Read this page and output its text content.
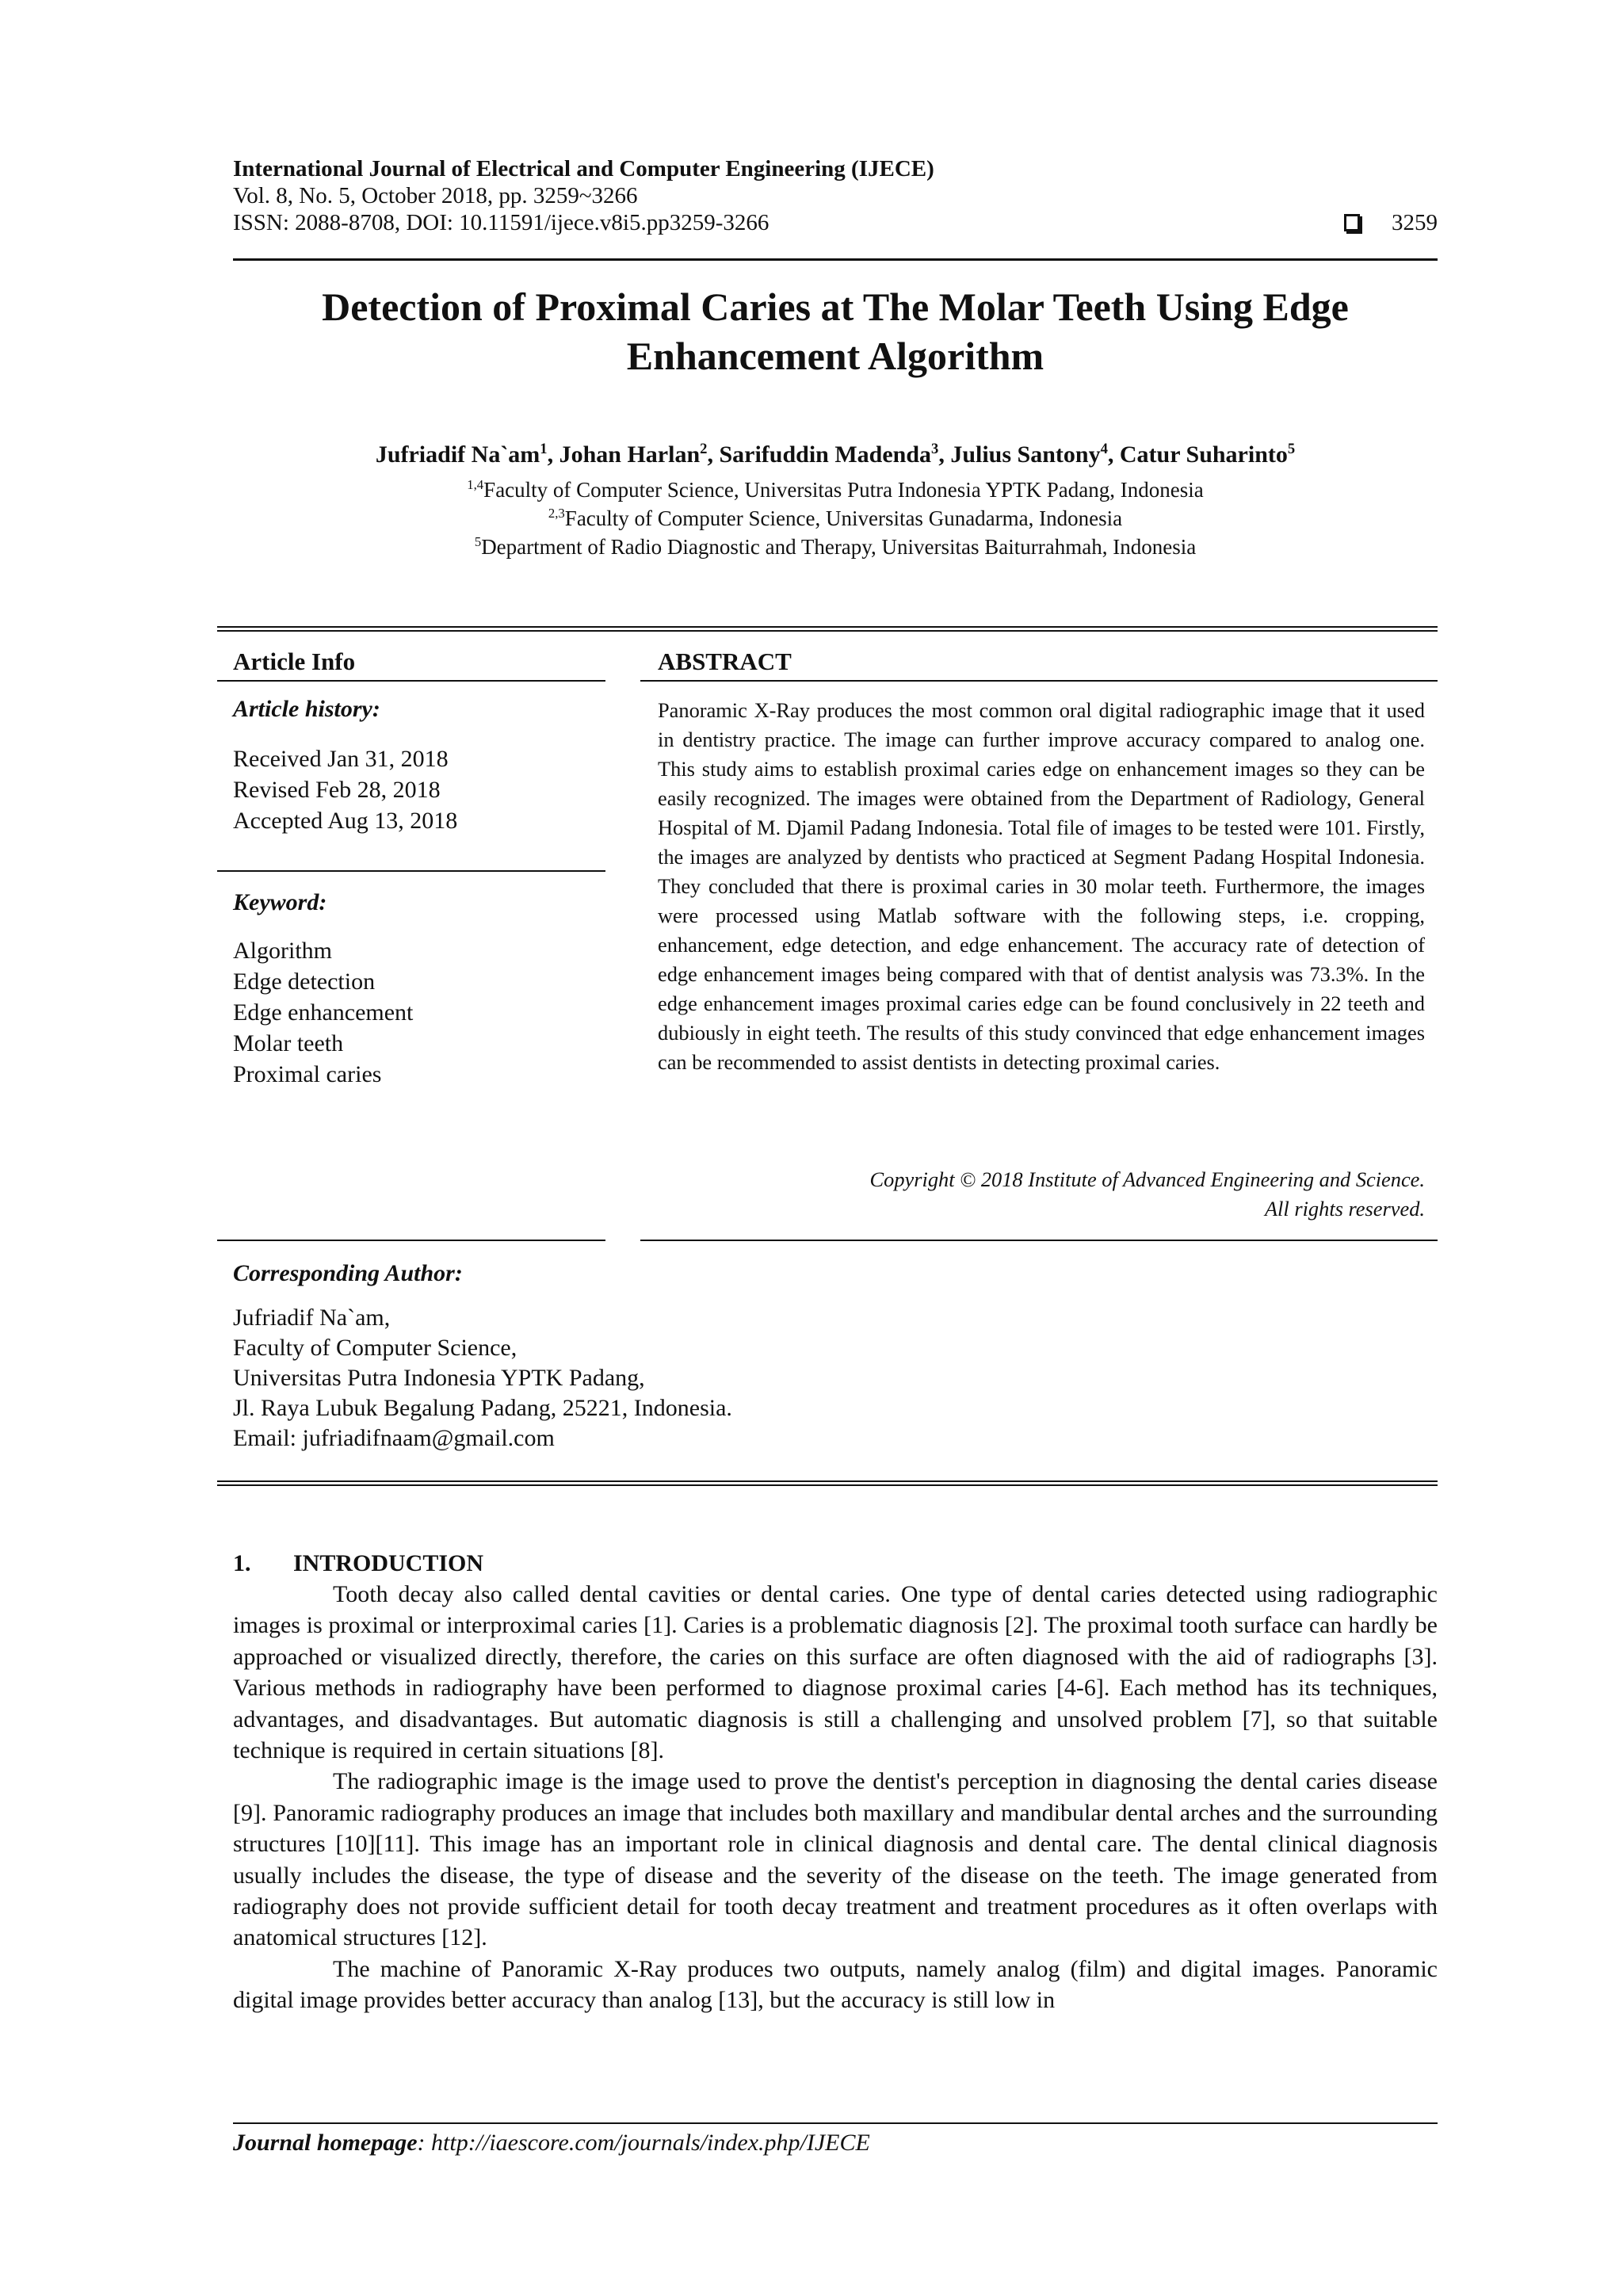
International Journal of Electrical and Computer Engineering (IJECE)
Vol. 8, No. 5, October 2018, pp. 3259~3266
ISSN: 2088-8708, DOI: 10.11591/ijece.v8i5.pp3259-3266	3259
Detection of Proximal Caries at The Molar Teeth Using Edge Enhancement Algorithm
Jufriadif $Na`am^1$, Johan Harlan$^2$, Sarifuddin Madenda$^3$, Julius Santony$^4$, Catur Suharinto$^5$
$^{1,4}$Faculty of Computer Science, Universitas Putra Indonesia YPTK Padang, Indonesia
$^{2,3}$Faculty of Computer Science, Universitas Gunadarma, Indonesia
$^5$Department of Radio Diagnostic and Therapy, Universitas Baiturrahmah, Indonesia
Article Info
Article history:
Received Jan 31, 2018
Revised Feb 28, 2018
Accepted Aug 13, 2018
Keyword:
Algorithm
Edge detection
Edge enhancement
Molar teeth
Proximal caries
ABSTRACT
Panoramic X-Ray produces the most common oral digital radiographic image that it used in dentistry practice. The image can further improve accuracy compared to analog one. This study aims to establish proximal caries edge on enhancement images so they can be easily recognized. The images were obtained from the Department of Radiology, General Hospital of M. Djamil Padang Indonesia. Total file of images to be tested were 101. Firstly, the images are analyzed by dentists who practiced at Segment Padang Hospital Indonesia. They concluded that there is proximal caries in 30 molar teeth. Furthermore, the images were processed using Matlab software with the following steps, i.e. cropping, enhancement, edge detection, and edge enhancement. The accuracy rate of detection of edge enhancement images being compared with that of dentist analysis was 73.3%. In the edge enhancement images proximal caries edge can be found conclusively in 22 teeth and dubiously in eight teeth. The results of this study convinced that edge enhancement images can be recommended to assist dentists in detecting proximal caries.
Copyright © 2018 Institute of Advanced Engineering and Science.
All rights reserved.
Corresponding Author:
Jufriadif Na`am,
Faculty of Computer Science,
Universitas Putra Indonesia YPTK Padang,
Jl. Raya Lubuk Begalung Padang, 25221, Indonesia.
Email: jufriadifnaam@gmail.com
1. INTRODUCTION

Tooth decay also called dental cavities or dental caries. One type of dental caries detected using radiographic images is proximal or interproximal caries [1]. Caries is a problematic diagnosis [2]. The proximal tooth surface can hardly be approached or visualized directly, therefore, the caries on this surface are often diagnosed with the aid of radiographs [3]. Various methods in radiography have been performed to diagnose proximal caries [4-6]. Each method has its techniques, advantages, and disadvantages. But automatic diagnosis is still a challenging and unsolved problem [7], so that suitable technique is required in certain situations [8].

The radiographic image is the image used to prove the dentist's perception in diagnosing the dental caries disease [9]. Panoramic radiography produces an image that includes both maxillary and mandibular dental arches and the surrounding structures [10][11]. This image has an important role in clinical diagnosis and dental care. The dental clinical diagnosis usually includes the disease, the type of disease and the severity of the disease on the teeth. The image generated from radiography does not provide sufficient detail for tooth decay treatment and treatment procedures as it often overlaps with anatomical structures [12].

The machine of Panoramic X-Ray produces two outputs, namely analog (film) and digital images. Panoramic digital image provides better accuracy than analog [13], but the accuracy is still low in

Journal homepage: http://iaescore.com/journals/index.php/IJECE
